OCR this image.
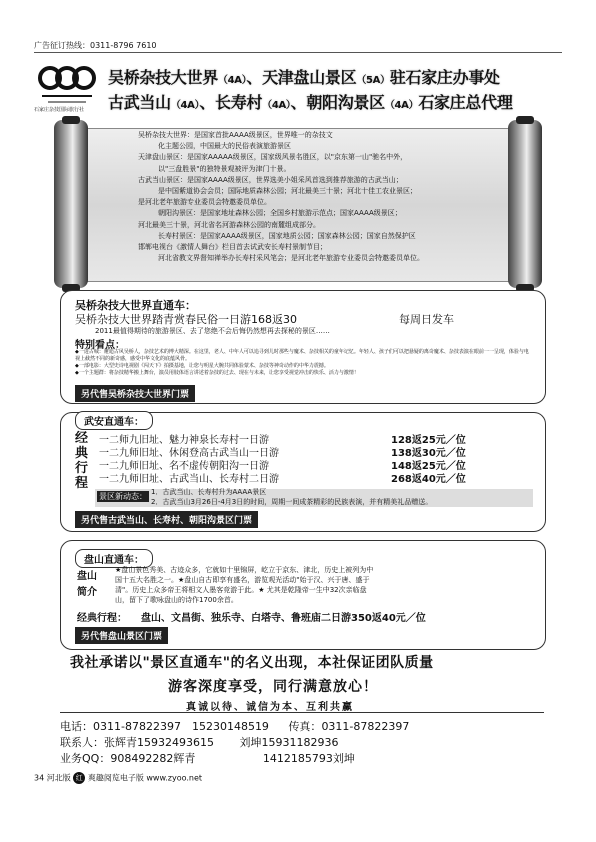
广告征订热线：0311-8796 7610
石家庄杂技国际旅行社
吴桥杂技大世界（4A）、天津盘山景区（5A）驻石家庄办事处
古武当山（4A）、长寿村（4A）、朝阳沟景区（4A）石家庄总代理
吴桥杂技大世界：是国家首批AAAA级景区，世界唯一的杂技文
化主题公园，中国最大的民俗表演旅游景区
天津盘山景区：是国家AAAAA级景区，国家级风景名胜区，以"京东第一山"驰名中外，
以"三盘胜景"的独特景观被评为津门十景。
古武当山景区：是国家AAAA级景区，世界选美小姐采风首选到推荐旅游的古武当山；
是中国紫道协会会员；国际地质森林公园；河北最美三十景；河北十佳工农业景区；
是河北老年旅游专业委员会特邀委员单位。
朝阳沟景区：是国家地址森林公园；全国乡村旅游示范点；国家AAAA级景区；
河北最美三十景，河北省名河游森林公园的南麓组成部分。
长寿村景区：是国家AAAA级景区，国家地质公园；国家森林公园；国家自然保护区
邯郸电视台《激情人舞台》栏目首去试武安长寿村景制节目；
河北省教文界督知禅举办长寿村采风笔会；是河北老年旅游专业委员会特邀委员单位。
吴桥杂技大世界直通车：
吴桥杂技大世界踏青赏春民俗一日游168返30	每周日发车
2011最值得期待的旅游景区、去了您绝不会后悔仍然想再去探秘的景区……
特别看点：
◆一进古城：邂逅古风吴桥人，杂技艺术的博大精深。在这里，老人、中年人可以追寻到儿时那些与魔术、杂技相关的童年记忆。年轻人、孩子们可以把悬疑的离奇魔术、杂技表演在眼前一一呈现，体验与电视上截然不同的新奇感，感受中华文化的底蕴风骨。
◆一部电影：大型史诗电视剧《闯天下》拍摄基地，让您与明星大腕共同体验蒙术、杂技等神奇动作的中华力震撼。
◆一个主题群：将杂技精华搬上舞台，演员用肢体语言讲述着杂技的过去、现在与未来，让您享受视觉冲击的快乐、活力与激情！
另代售吴桥杂技大世界门票
武安直通车：
经
典
行
程
一二师九旧址、魅力神泉长寿村一日游	128返25元／位
一二九师旧址、休闲登高古武当山一日游	138返30元／位
一二九师旧址、名不虚传朝阳沟一日游	148返25元／位
一二九师旧址、古武当山、长寿村二日游	268返40元／位
景区新动态： 1．古武当山、长寿村升为AAAA景区
2．古武当山3月26日-4月3日的时间，周期一间成茶精彩的民族表演，并有精美礼品赠送。
另代售古武当山、长寿村、朝阳沟景区门票
盘山直通车：
盘山
简介
★盘山景色秀美、古迹众多，它就如十里锦屏，屹立于京东、津北，历史上被列为中
国十五大名胜之一。★盘山自古即享有盛名，游览观光活动"始于汉、兴于唐、盛于
清"。历史上众多帝王将相文人墨客竞游于此。★ 尤其是乾隆帝一生中32次亲临盘
山，留下了歌咏盘山的诗作1700余首。
经典行程： 盘山、文昌街、独乐寺、白塔寺、鲁班庙二日游350返40元／位
另代售盘山景区门票
我社承诺以"景区直通车"的名义出现，本社保证团队质量
游客深度享受，同行满意放心！
真诚以待、诚信为本、互利共赢
电话：0311-87822397　15230148519 传真：0311-87822397
联系人：张辉青15932493615 刘坤15931182936
业务QQ：908492282辉青	1412185793刘坤
34 河北版 红 爽趣阅览电子版 www.zyoo.net
